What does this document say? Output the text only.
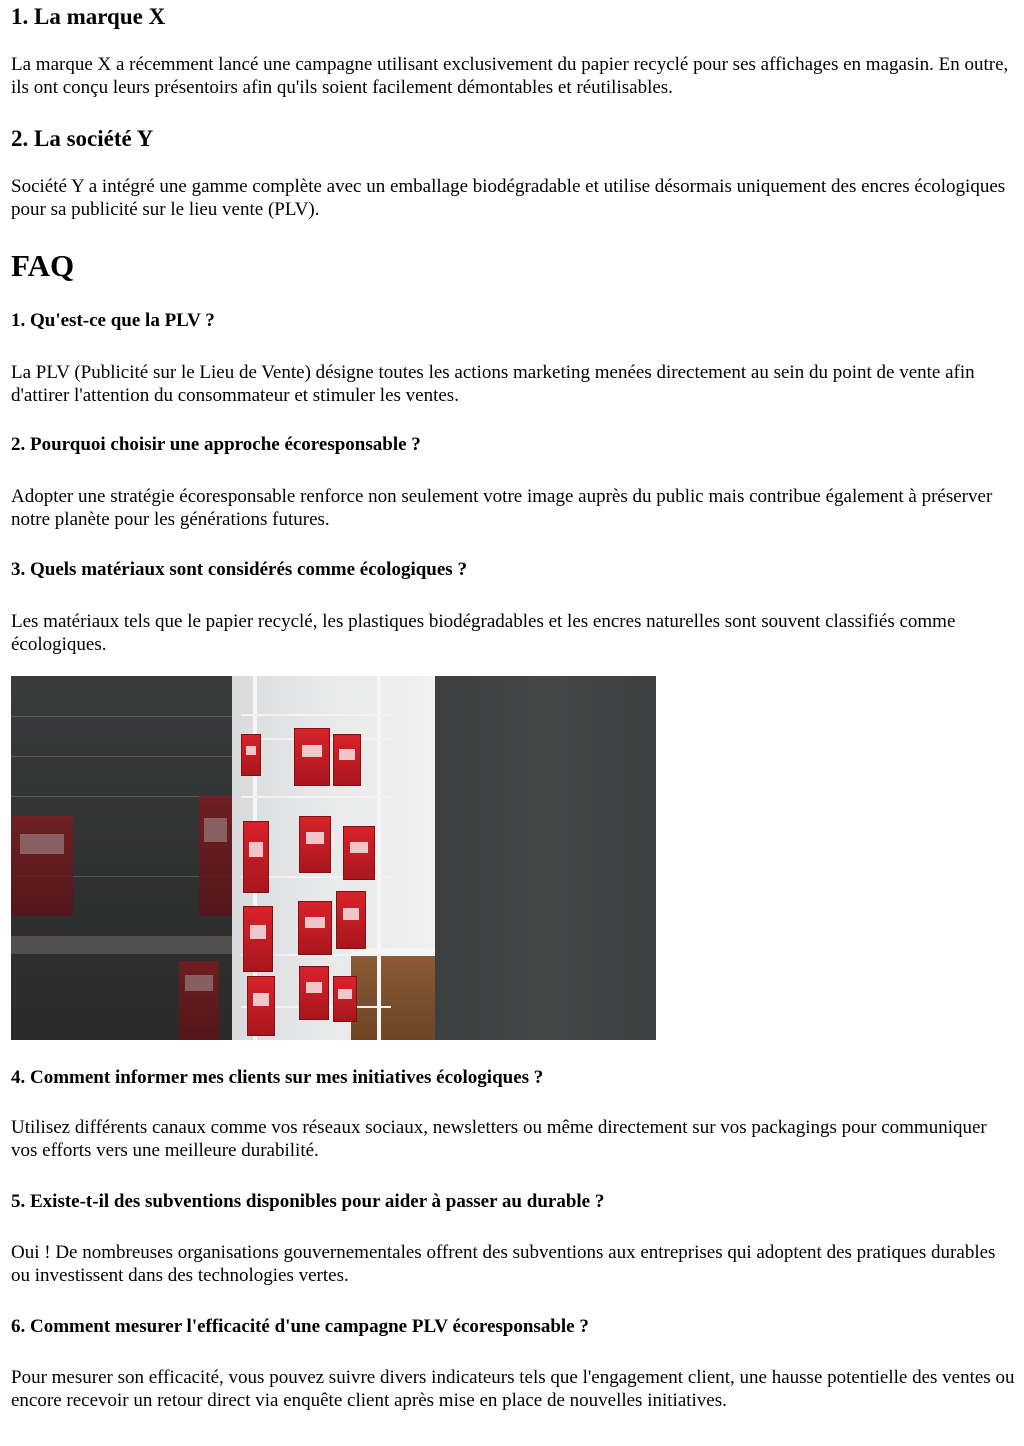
1. La marque X

La marque X a récemment lancé une campagne utilisant exclusivement du papier recyclé pour ses affichages en magasin. En outre, ils ont conçu leurs présentoirs afin qu'ils soient facilement démontables et réutilisables.

2. La société Y

Société Y a intégré une gamme complète avec un emballage biodégradable et utilise désormais uniquement des encres écologiques pour sa publicité sur le lieu vente (PLV).

FAQ
1. Qu'est-ce que la PLV ?

La PLV (Publicité sur le Lieu de Vente) désigne toutes les actions marketing menées directement au sein du point de vente afin d'attirer l'attention du consommateur et stimuler les ventes.

2. Pourquoi choisir une approche écoresponsable ?

Adopter une stratégie écoresponsable renforce non seulement votre image auprès du public mais contribue également à préserver notre planète pour les générations futures.

3. Quels matériaux sont considérés comme écologiques ?

Les matériaux tels que le papier recyclé, les plastiques biodégradables et les encres naturelles sont souvent classifiés comme écologiques.

4. Comment informer mes clients sur mes initiatives écologiques ?

Utilisez différents canaux comme vos réseaux sociaux, newsletters ou même directement sur vos packagings pour communiquer vos efforts vers une meilleure durabilité.

5. Existe-t-il des subventions disponibles pour aider à passer au durable ?

Oui ! De nombreuses organisations gouvernementales offrent des subventions aux entreprises qui adoptent des pratiques durables ou investissent dans des technologies vertes.

6. Comment mesurer l'efficacité d'une campagne PLV écoresponsable ?

Pour mesurer son efficacité, vous pouvez suivre divers indicateurs tels que l'engagement client, une hausse potentielle des ventes ou encore recevoir un retour direct via enquête client après mise en place de nouvelles initiatives.
